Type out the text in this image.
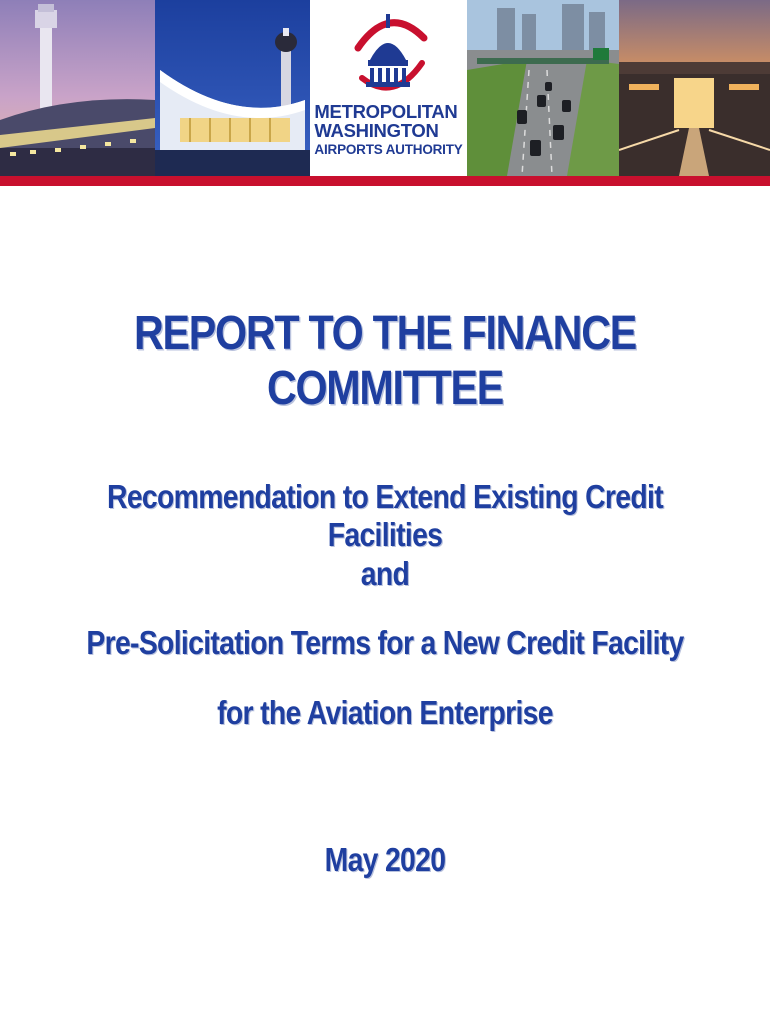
METROPOLITAN
WASHINGTON
AIRPORTS AUTHORITY
REPORT TO THE FINANCE COMMITTEE
Recommendation to Extend Existing Credit Facilities
and
Pre-Solicitation Terms for a New Credit Facility
for the Aviation Enterprise
May 2020
